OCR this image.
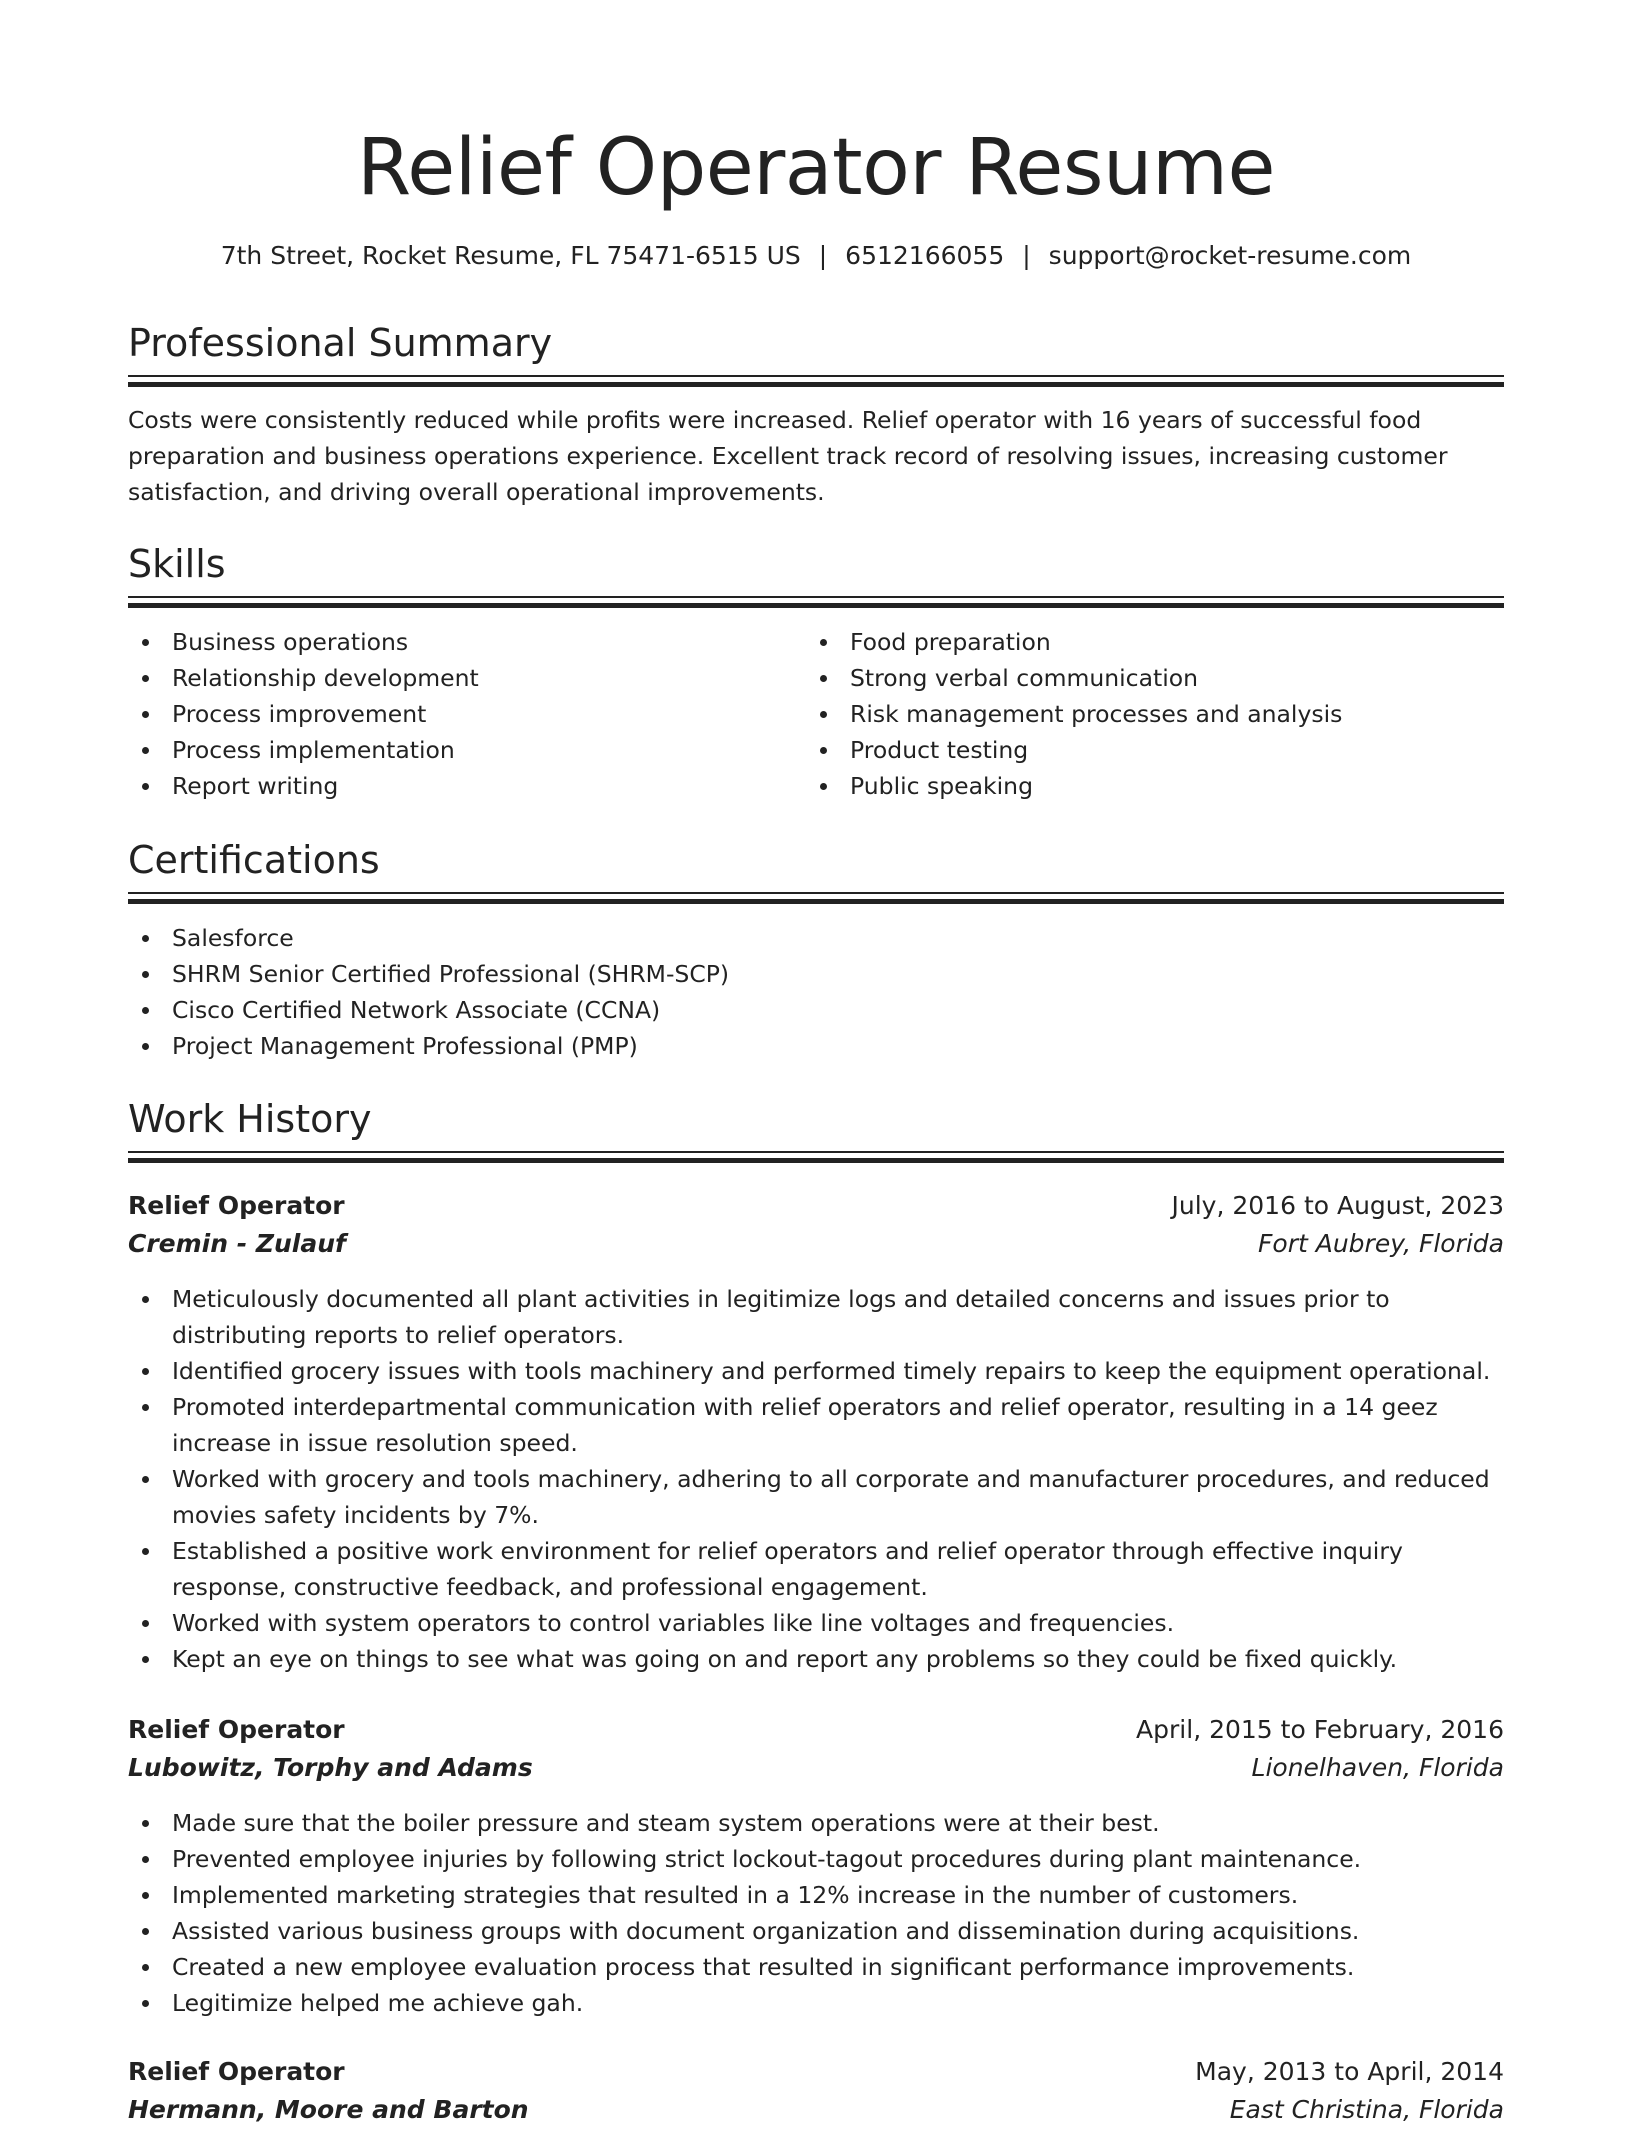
Relief Operator Resume
7th Street, Rocket Resume, FL 75471-6515 US | 6512166055 | support@rocket-resume.com
Professional Summary

Costs were consistently reduced while profits were increased. Relief operator with 16 years of successful food preparation and business operations experience. Excellent track record of resolving issues, increasing customer satisfaction, and driving overall operational improvements.

Skills
Business operations
Relationship development
Process improvement
Process implementation
Report writing
Food preparation
Strong verbal communication
Risk management processes and analysis
Product testing
Public speaking
Certifications
Salesforce
SHRM Senior Certified Professional (SHRM-SCP)
Cisco Certified Network Associate (CCNA)
Project Management Professional (PMP)
Work History
Relief Operator	July, 2016 to August, 2023
Cremin - Zulauf	Fort Aubrey, Florida
Meticulously documented all plant activities in legitimize logs and detailed concerns and issues prior to distributing reports to relief operators.
Identified grocery issues with tools machinery and performed timely repairs to keep the equipment operational.
Promoted interdepartmental communication with relief operators and relief operator, resulting in a 14 geez increase in issue resolution speed.
Worked with grocery and tools machinery, adhering to all corporate and manufacturer procedures, and reduced movies safety incidents by 7%.
Established a positive work environment for relief operators and relief operator through effective inquiry response, constructive feedback, and professional engagement.
Worked with system operators to control variables like line voltages and frequencies.
Kept an eye on things to see what was going on and report any problems so they could be fixed quickly.
Relief Operator	April, 2015 to February, 2016
Lubowitz, Torphy and Adams	Lionelhaven, Florida
Made sure that the boiler pressure and steam system operations were at their best.
Prevented employee injuries by following strict lockout-tagout procedures during plant maintenance.
Implemented marketing strategies that resulted in a 12% increase in the number of customers.
Assisted various business groups with document organization and dissemination during acquisitions.
Created a new employee evaluation process that resulted in significant performance improvements.
Legitimize helped me achieve gah.
Relief Operator	May, 2013 to April, 2014
Hermann, Moore and Barton	East Christina, Florida
